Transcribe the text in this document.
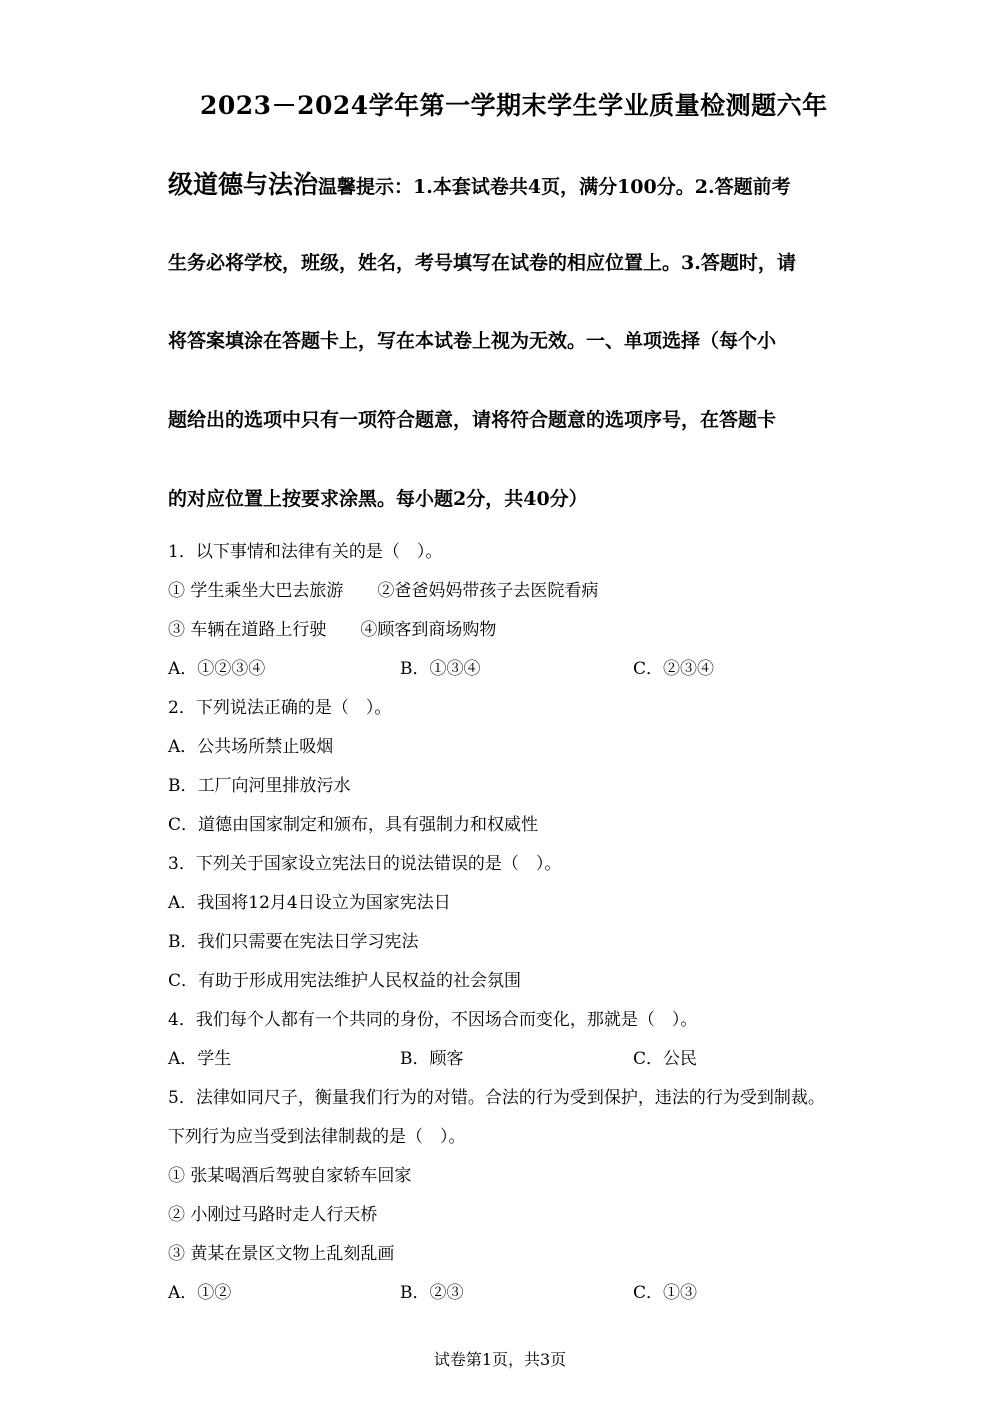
2023－2024学年第一学期末学生学业质量检测题六年
级道德与法治温馨提示：1.本套试卷共4页，满分100分。2.答题前考
生务必将学校，班级，姓名，考号填写在试卷的相应位置上。3.答题时，请
将答案填涂在答题卡上，写在本试卷上视为无效。一、单项选择（每个小
题给出的选项中只有一项符合题意，请将符合题意的选项序号，在答题卡
的对应位置上按要求涂黑。每小题2分，共40分）
1．以下事情和法律有关的是（　）。
① 学生乘坐大巴去旅游　　②爸爸妈妈带孩子去医院看病
③ 车辆在道路上行驶　　④顾客到商场购物
A．①②③④	B．①③④	C．②③④
2．下列说法正确的是（　）。
A．公共场所禁止吸烟
B．工厂向河里排放污水
C．道德由国家制定和颁布，具有强制力和权威性
3．下列关于国家设立宪法日的说法错误的是（　）。
A．我国将12月4日设立为国家宪法日
B．我们只需要在宪法日学习宪法
C．有助于形成用宪法维护人民权益的社会氛围
4．我们每个人都有一个共同的身份，不因场合而变化，那就是（　）。
A．学生	B．顾客	C．公民
5．法律如同尺子，衡量我们行为的对错。合法的行为受到保护，违法的行为受到制裁。
下列行为应当受到法律制裁的是（　）。
① 张某喝酒后驾驶自家轿车回家
② 小刚过马路时走人行天桥
③ 黄某在景区文物上乱刻乱画
A．①②	B．②③	C．①③
试卷第1页，共3页
